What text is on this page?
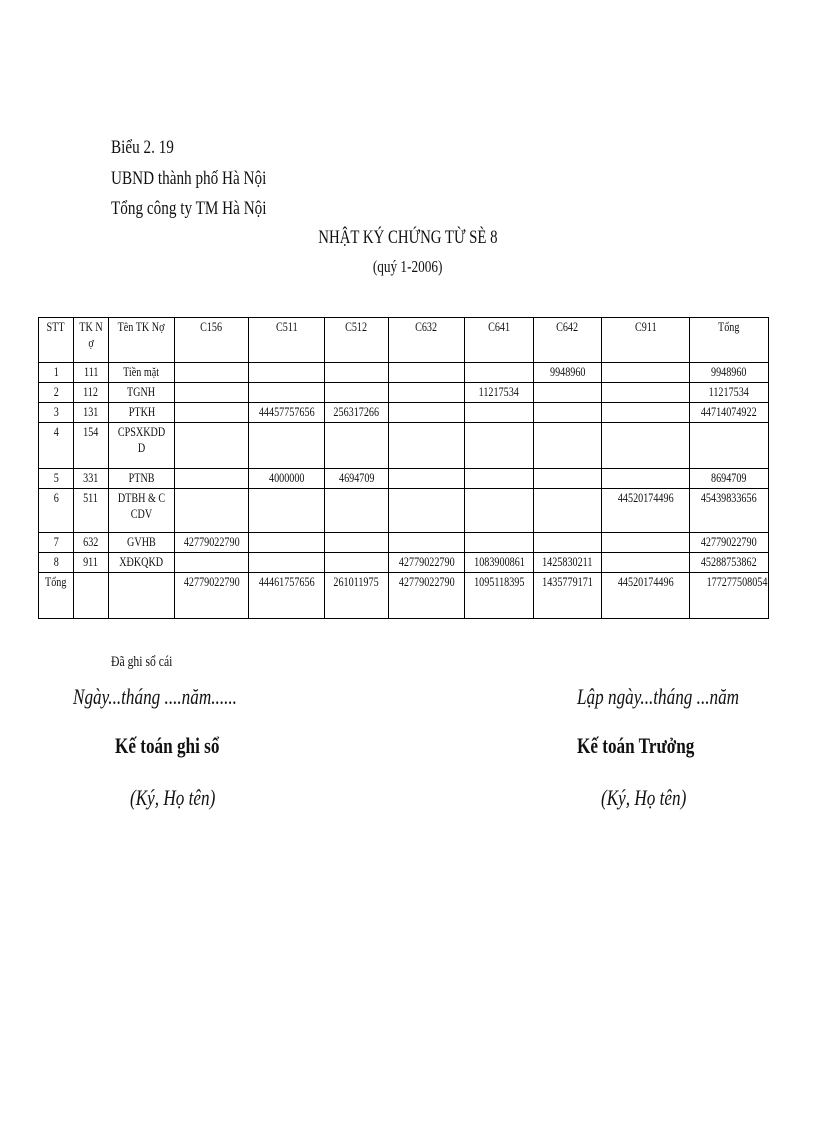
Biểu 2. 19
UBND thành phố Hà Nội
Tổng công ty TM Hà Nội
NHẬT KÝ CHỨNG TỪ SÈ 8
(quý 1-2006)
STT	TK Nợ	Tên TK Nợ	C156	C511	C512	C632	C641	C642	C911	Tổng
1	111	Tiền mặt						9948960		9948960
2	112	TGNH					11217534			11217534
3	131	PTKH		44457757656	256317266					44714074922
4	154	CPSXKDD D								
5	331	PTNB		4000000	4694709					8694709
6	511	DTBH & CCDV							44520174496	45439833656
7	632	GVHB	42779022790							42779022790
8	911	XĐKQKD				42779022790	1083900861	1425830211		45288753862
Tổng			42779022790	44461757656	261011975	42779022790	1095118395	1435779171	44520174496	177277508054
Đã ghi sổ cái
Ngày...tháng ....năm......	Lập ngày...tháng ...năm
Kế toán ghi sổ	Kế toán Trưởng
(Ký, Họ tên)	(Ký, Họ tên)
